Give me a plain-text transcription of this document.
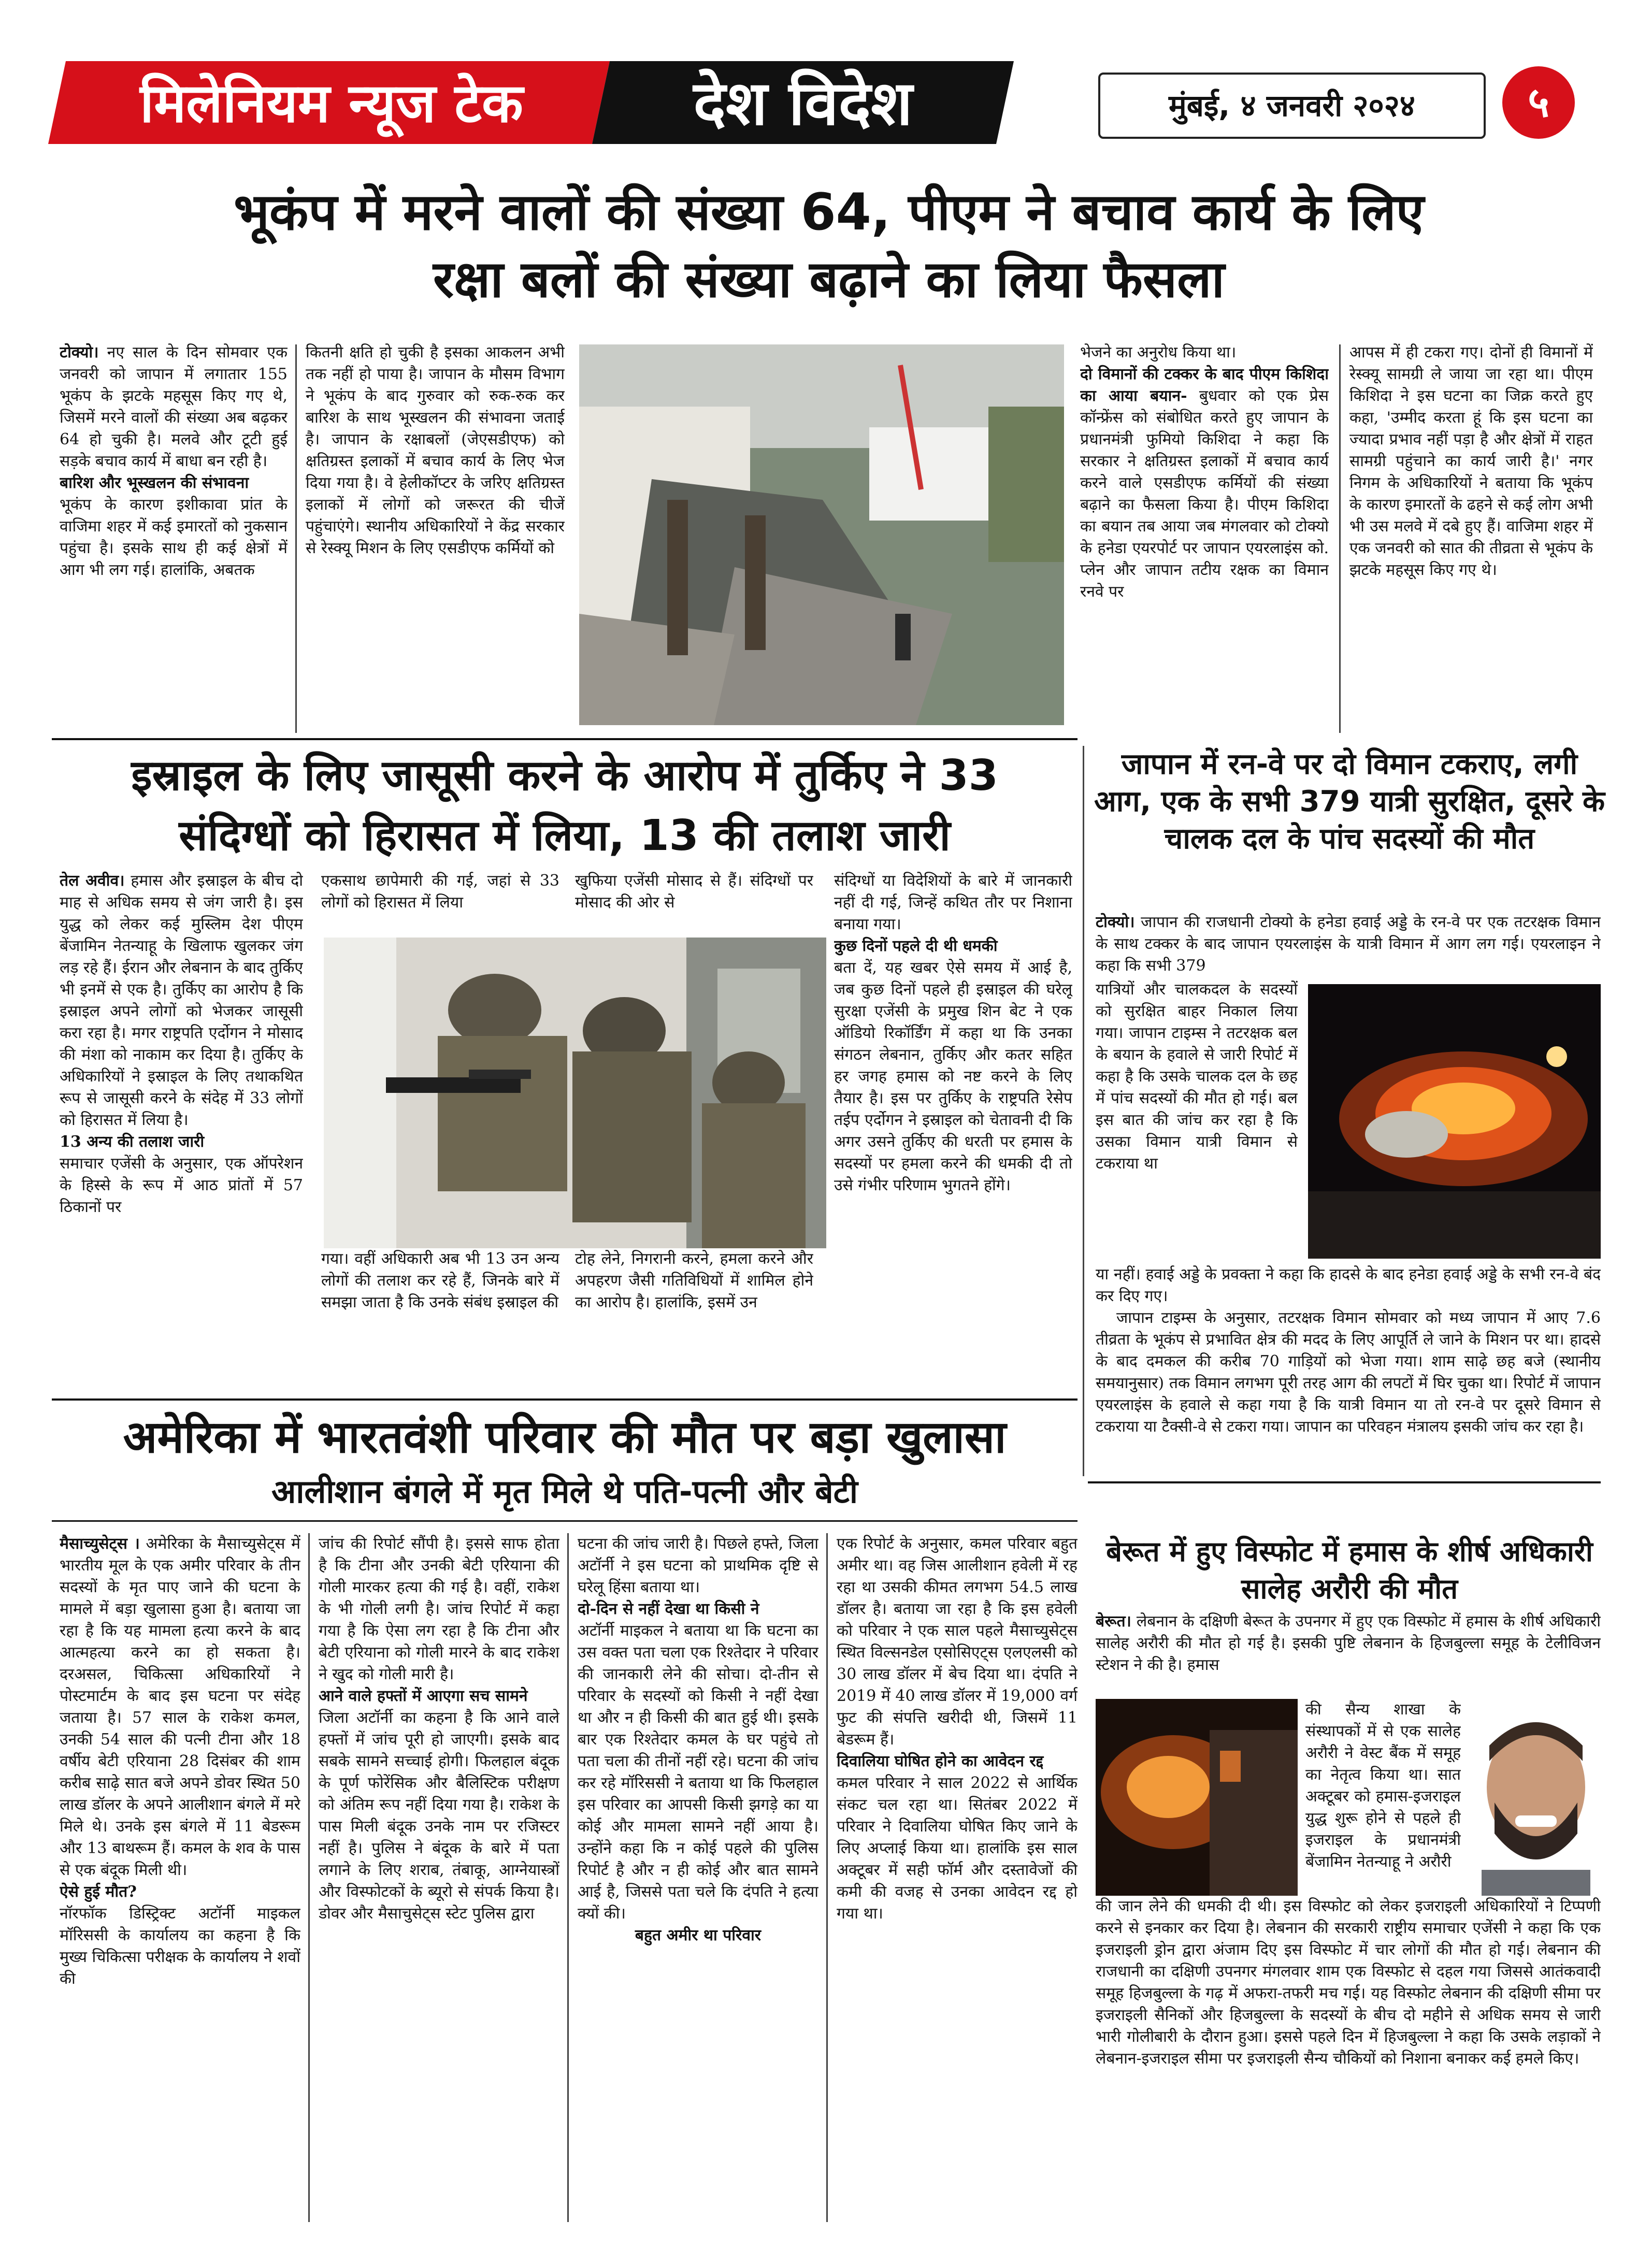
मिलेनियम न्यूज टेक	देश विदेश	मुंबई, ४ जनवरी २०२४	५
भूकंप में मरने वालों की संख्या 64, पीएम ने बचाव कार्य के लिए
रक्षा बलों की संख्या बढ़ाने का लिया फैसला

टोक्यो। नए साल के दिन सोमवार एक जनवरी को जापान में लगातार 155 भूकंप के झटके महसूस किए गए थे, जिसमें मरने वालों की संख्या अब बढ़कर 64 हो चुकी है। मलवे और टूटी हुई सड़के बचाव कार्य में बाधा बन रही है।

बारिश और भूस्खलन की संभावना

भूकंप के कारण इशीकावा प्रांत के वाजिमा शहर में कई इमारतों को नुकसान पहुंचा है। इसके साथ ही कई क्षेत्रों में आग भी लग गई। हालांकि, अबतक

कितनी क्षति हो चुकी है इसका आकलन अभी तक नहीं हो पाया है। जापान के मौसम विभाग ने भूकंप के बाद गुरुवार को रुक-रुक कर बारिश के साथ भूस्खलन की संभावना जताई है। जापान के रक्षाबलों (जेएसडीएफ) को क्षतिग्रस्त इलाकों में बचाव कार्य के लिए भेज दिया गया है। वे हेलीकॉप्टर के जरिए क्षतिग्रस्त इलाकों में लोगों को जरूरत की चीजें पहुंचाएंगे। स्थानीय अधिकारियों ने केंद्र सरकार से रेस्क्यू मिशन के लिए एसडीएफ कर्मियों को

भेजने का अनुरोध किया था।

दो विमानों की टक्कर के बाद पीएम किशिदा का आया बयान- बुधवार को एक प्रेस कॉन्फ्रेंस को संबोधित करते हुए जापान के प्रधानमंत्री फुमियो किशिदा ने कहा कि सरकार ने क्षतिग्रस्त इलाकों में बचाव कार्य करने वाले एसडीएफ कर्मियों की संख्या बढ़ाने का फैसला किया है। पीएम किशिदा का बयान तब आया जब मंगलवार को टोक्यो के हनेडा एयरपोर्ट पर जापान एयरलाइंस को. प्लेन और जापान तटीय रक्षक का विमान रनवे पर

आपस में ही टकरा गए। दोनों ही विमानों में रेस्क्यू सामग्री ले जाया जा रहा था। पीएम किशिदा ने इस घटना का जिक्र करते हुए कहा, 'उम्मीद करता हूं कि इस घटना का ज्यादा प्रभाव नहीं पड़ा है और क्षेत्रों में राहत सामग्री पहुंचाने का कार्य जारी है।' नगर निगम के अधिकारियों ने बताया कि भूकंप के कारण इमारतों के ढहने से कई लोग अभी भी उस मलवे में दबे हुए हैं। वाजिमा शहर में एक जनवरी को सात की तीव्रता से भूकंप के झटके महसूस किए गए थे।

इस्राइल के लिए जासूसी करने के आरोप में तुर्किए ने 33
संदिग्धों को हिरासत में लिया, 13 की तलाश जारी

तेल अवीव। हमास और इस्राइल के बीच दो माह से अधिक समय से जंग जारी है। इस युद्ध को लेकर कई मुस्लिम देश पीएम बेंजामिन नेतन्याहू के खिलाफ खुलकर जंग लड़ रहे हैं। ईरान और लेबनान के बाद तुर्किए भी इनमें से एक है। तुर्किए का आरोप है कि इस्राइल अपने लोगों को भेजकर जासूसी करा रहा है। मगर राष्ट्रपति एर्दोगन ने मोसाद की मंशा को नाकाम कर दिया है। तुर्किए के अधिकारियों ने इस्राइल के लिए तथाकथित रूप से जासूसी करने के संदेह में 33 लोगों को हिरासत में लिया है।

13 अन्य की तलाश जारी

समाचार एजेंसी के अनुसार, एक ऑपरेशन के हिस्से के रूप में आठ प्रांतों में 57 ठिकानों पर

एकसाथ छापेमारी की गई, जहां से 33 लोगों को हिरासत में लिया

खुफिया एजेंसी मोसाद से हैं। संदिग्धों पर मोसाद की ओर से

गया। वहीं अधिकारी अब भी 13 उन अन्य लोगों की तलाश कर रहे हैं, जिनके बारे में समझा जाता है कि उनके संबंध इस्राइल की

टोह लेने, निगरानी करने, हमला करने और अपहरण जैसी गतिविधियों में शामिल होने का आरोप है। हालांकि, इसमें उन

संदिग्धों या विदेशियों के बारे में जानकारी नहीं दी गई, जिन्हें कथित तौर पर निशाना बनाया गया।

कुछ दिनों पहले दी थी धमकी

बता दें, यह खबर ऐसे समय में आई है, जब कुछ दिनों पहले ही इस्राइल की घरेलू सुरक्षा एजेंसी के प्रमुख शिन बेट ने एक ऑडियो रिकॉर्डिंग में कहा था कि उनका संगठन लेबनान, तुर्किए और कतर सहित हर जगह हमास को नष्ट करने के लिए तैयार है। इस पर तुर्किए के राष्ट्रपति रेसेप तईप एर्दोगन ने इस्राइल को चेतावनी दी कि अगर उसने तुर्किए की धरती पर हमास के सदस्यों पर हमला करने की धमकी दी तो उसे गंभीर परिणाम भुगतने होंगे।

जापान में रन-वे पर दो विमान टकराए, लगी आग, एक के सभी 379 यात्री सुरक्षित, दूसरे के चालक दल के पांच सदस्यों की मौत

टोक्यो। जापान की राजधानी टोक्यो के हनेडा हवाई अड्डे के रन-वे पर एक तटरक्षक विमान के साथ टक्कर के बाद जापान एयरलाइंस के यात्री विमान में आग लग गई। एयरलाइन ने कहा कि सभी 379

यात्रियों और चालकदल के सदस्यों को सुरक्षित बाहर निकाल लिया गया। जापान टाइम्स ने तटरक्षक बल के बयान के हवाले से जारी रिपोर्ट में कहा है कि उसके चालक दल के छह में पांच सदस्यों की मौत हो गई। बल इस बात की जांच कर रहा है कि उसका विमान यात्री विमान से टकराया था

या नहीं। हवाई अड्डे के प्रवक्ता ने कहा कि हादसे के बाद हनेडा हवाई अड्डे के सभी रन-वे बंद कर दिए गए।

जापान टाइम्स के अनुसार, तटरक्षक विमान सोमवार को मध्य जापान में आए 7.6 तीव्रता के भूकंप से प्रभावित क्षेत्र की मदद के लिए आपूर्ति ले जाने के मिशन पर था। हादसे के बाद दमकल की करीब 70 गाड़ियों को भेजा गया। शाम साढ़े छह बजे (स्थानीय समयानुसार) तक विमान लगभग पूरी तरह आग की लपटों में घिर चुका था। रिपोर्ट में जापान एयरलाइंस के हवाले से कहा गया है कि यात्री विमान या तो रन-वे पर दूसरे विमान से टकराया या टैक्सी-वे से टकरा गया। जापान का परिवहन मंत्रालय इसकी जांच कर रहा है।

अमेरिका में भारतवंशी परिवार की मौत पर बड़ा खुलासा
आलीशान बंगले में मृत मिले थे पति-पत्नी और बेटी

मैसाच्युसेट्स । अमेरिका के मैसाच्युसेट्स में भारतीय मूल के एक अमीर परिवार के तीन सदस्यों के मृत पाए जाने की घटना के मामले में बड़ा खुलासा हुआ है। बताया जा रहा है कि यह मामला हत्या करने के बाद आत्महत्या करने का हो सकता है। दरअसल, चिकित्सा अधिकारियों ने पोस्टमार्टम के बाद इस घटना पर संदेह जताया है। 57 साल के राकेश कमल, उनकी 54 साल की पत्नी टीना और 18 वर्षीय बेटी एरियाना 28 दिसंबर की शाम करीब साढ़े सात बजे अपने डोवर स्थित 50 लाख डॉलर के अपने आलीशान बंगले में मरे मिले थे। उनके इस बंगले में 11 बेडरूम और 13 बाथरूम हैं। कमल के शव के पास से एक बंदूक मिली थी।

ऐसे हुई मौत?

नॉरफॉक डिस्ट्रिक्ट अटॉर्नी माइकल मॉरिससी के कार्यालय का कहना है कि मुख्य चिकित्सा परीक्षक के कार्यालय ने शवों की

जांच की रिपोर्ट सौंपी है। इससे साफ होता है कि टीना और उनकी बेटी एरियाना की गोली मारकर हत्या की गई है। वहीं, राकेश के भी गोली लगी है। जांच रिपोर्ट में कहा गया है कि ऐसा लग रहा है कि टीना और बेटी एरियाना को गोली मारने के बाद राकेश ने खुद को गोली मारी है।

आने वाले हफ्तों में आएगा सच सामने

जिला अटॉर्नी का कहना है कि आने वाले हफ्तों में जांच पूरी हो जाएगी। इसके बाद सबके सामने सच्चाई होगी। फिलहाल बंदूक के पूर्ण फोरेंसिक और बैलिस्टिक परीक्षण को अंतिम रूप नहीं दिया गया है। राकेश के पास मिली बंदूक उनके नाम पर रजिस्टर नहीं है। पुलिस ने बंदूक के बारे में पता लगाने के लिए शराब, तंबाकू, आग्नेयास्त्रों और विस्फोटकों के ब्यूरो से संपर्क किया है। डोवर और मैसाचुसेट्स स्टेट पुलिस द्वारा

घटना की जांच जारी है। पिछले हफ्ते, जिला अटॉर्नी ने इस घटना को प्राथमिक दृष्टि से घरेलू हिंसा बताया था।

दो-दिन से नहीं देखा था किसी ने

अटॉर्नी माइकल ने बताया था कि घटना का उस वक्त पता चला एक रिश्तेदार ने परिवार की जानकारी लेने की सोचा। दो-तीन से परिवार के सदस्यों को किसी ने नहीं देखा था और न ही किसी की बात हुई थी। इसके बार एक रिश्तेदार कमल के घर पहुंचे तो पता चला की तीनों नहीं रहे। घटना की जांच कर रहे मॉरिससी ने बताया था कि फिलहाल इस परिवार का आपसी किसी झगड़े का या कोई और मामला सामने नहीं आया है। उन्होंने कहा कि न कोई पहले की पुलिस रिपोर्ट है और न ही कोई और बात सामने आई है, जिससे पता चले कि दंपति ने हत्या क्यों की।

बहुत अमीर था परिवार

एक रिपोर्ट के अनुसार, कमल परिवार बहुत अमीर था। वह जिस आलीशान हवेली में रह रहा था उसकी कीमत लगभग 54.5 लाख डॉलर है। बताया जा रहा है कि इस हवेली को परिवार ने एक साल पहले मैसाच्युसेट्स स्थित विल्सनडेल एसोसिएट्स एलएलसी को 30 लाख डॉलर में बेच दिया था। दंपति ने 2019 में 40 लाख डॉलर में 19,000 वर्ग फुट की संपत्ति खरीदी थी, जिसमें 11 बेडरूम हैं।

दिवालिया घोषित होने का आवेदन रद्द

कमल परिवार ने साल 2022 से आर्थिक संकट चल रहा था। सितंबर 2022 में परिवार ने दिवालिया घोषित किए जाने के लिए अप्लाई किया था। हालांकि इस साल अक्टूबर में सही फॉर्म और दस्तावेजों की कमी की वजह से उनका आवेदन रद्द हो गया था।

बेरूत में हुए विस्फोट में हमास के शीर्ष अधिकारी सालेह अरौरी की मौत

बेरूत। लेबनान के दक्षिणी बेरूत के उपनगर में हुए एक विस्फोट में हमास के शीर्ष अधिकारी सालेह अरौरी की मौत हो गई है। इसकी पुष्टि लेबनान के हिजबुल्ला समूह के टेलीविजन स्टेशन ने की है। हमास

की सैन्य शाखा के संस्थापकों में से एक सालेह अरौरी ने वेस्ट बैंक में समूह का नेतृत्व किया था। सात अक्टूबर को हमास-इजराइल युद्ध शुरू होने से पहले ही इजराइल के प्रधानमंत्री बेंजामिन नेतन्याहू ने अरौरी

की जान लेने की धमकी दी थी। इस विस्फोट को लेकर इजराइली अधिकारियों ने टिप्पणी करने से इनकार कर दिया है। लेबनान की सरकारी राष्ट्रीय समाचार एजेंसी ने कहा कि एक इजराइली ड्रोन द्वारा अंजाम दिए इस विस्फोट में चार लोगों की मौत हो गई। लेबनान की राजधानी का दक्षिणी उपनगर मंगलवार शाम एक विस्फोट से दहल गया जिससे आतंकवादी समूह हिजबुल्ला के गढ़ में अफरा-तफरी मच गई। यह विस्फोट लेबनान की दक्षिणी सीमा पर इजराइली सैनिकों और हिजबुल्ला के सदस्यों के बीच दो महीने से अधिक समय से जारी भारी गोलीबारी के दौरान हुआ। इससे पहले दिन में हिजबुल्ला ने कहा कि उसके लड़ाकों ने लेबनान-इजराइल सीमा पर इजराइली सैन्य चौकियों को निशाना बनाकर कई हमले किए।
